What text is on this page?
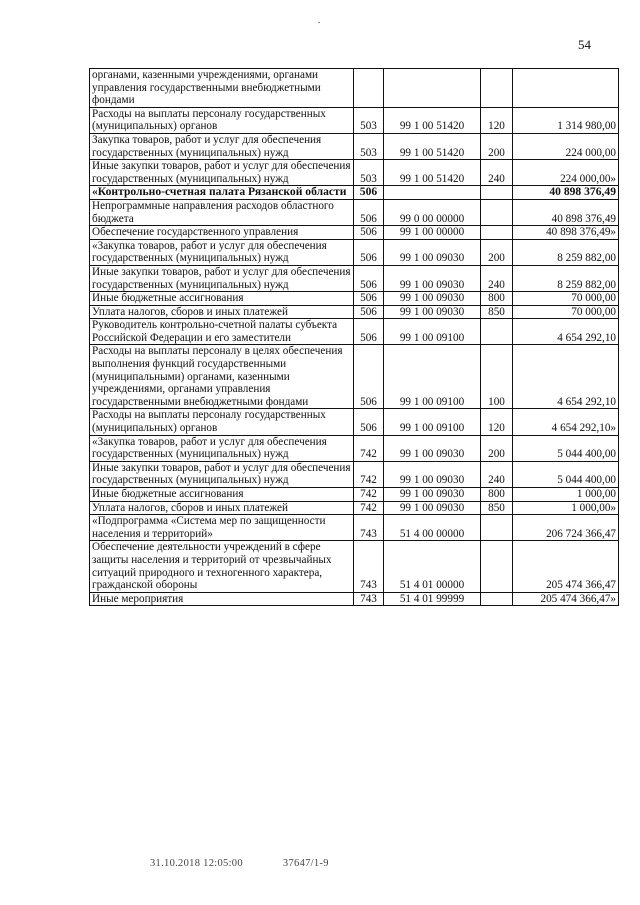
54
органами, казенными учреждениями, органами управления государственными внебюджетными фондами				
Расходы на выплаты персоналу государственных (муниципальных) органов	503	99 1 00 51420	120	1 314 980,00
Закупка товаров, работ и услуг для обеспечения государственных (муниципальных) нужд	503	99 1 00 51420	200	224 000,00
Иные закупки товаров, работ и услуг для обеспечения государственных (муниципальных) нужд	503	99 1 00 51420	240	224 000,00»
«Контрольно-счетная палата Рязанской области	506			40 898 376,49
Непрограммные направления расходов областного бюджета	506	99 0 00 00000		40 898 376,49
Обеспечение государственного управления	506	99 1 00 00000		40 898 376,49»
«Закупка товаров, работ и услуг для обеспечения государственных (муниципальных) нужд	506	99 1 00 09030	200	8 259 882,00
Иные закупки товаров, работ и услуг для обеспечения государственных (муниципальных) нужд	506	99 1 00 09030	240	8 259 882,00
Иные бюджетные ассигнования	506	99 1 00 09030	800	70 000,00
Уплата налогов, сборов и иных платежей	506	99 1 00 09030	850	70 000,00
Руководитель контрольно-счетной палаты субъекта Российской Федерации и его заместители	506	99 1 00 09100		4 654 292,10
Расходы на выплаты персоналу в целях обеспечения выполнения функций государственными (муниципальными) органами, казенными учреждениями, органами управления государственными внебюджетными фондами	506	99 1 00 09100	100	4 654 292,10
Расходы на выплаты персоналу государственных (муниципальных) органов	506	99 1 00 09100	120	4 654 292,10»
«Закупка товаров, работ и услуг для обеспечения государственных (муниципальных) нужд	742	99 1 00 09030	200	5 044 400,00
Иные закупки товаров, работ и услуг для обеспечения государственных (муниципальных) нужд	742	99 1 00 09030	240	5 044 400,00
Иные бюджетные ассигнования	742	99 1 00 09030	800	1 000,00
Уплата налогов, сборов и иных платежей	742	99 1 00 09030	850	1 000,00»
«Подпрограмма «Система мер по защищенности населения и территорий»	743	51 4 00 00000		206 724 366,47
Обеспечение деятельности учреждений в сфере защиты населения и территорий от чрезвычайных ситуаций природного и техногенного характера, гражданской обороны	743	51 4 01 00000		205 474 366,47
Иные мероприятия	743	51 4 01 99999		205 474 366,47»
31.10.2018 12:05:00	37647/1-9
